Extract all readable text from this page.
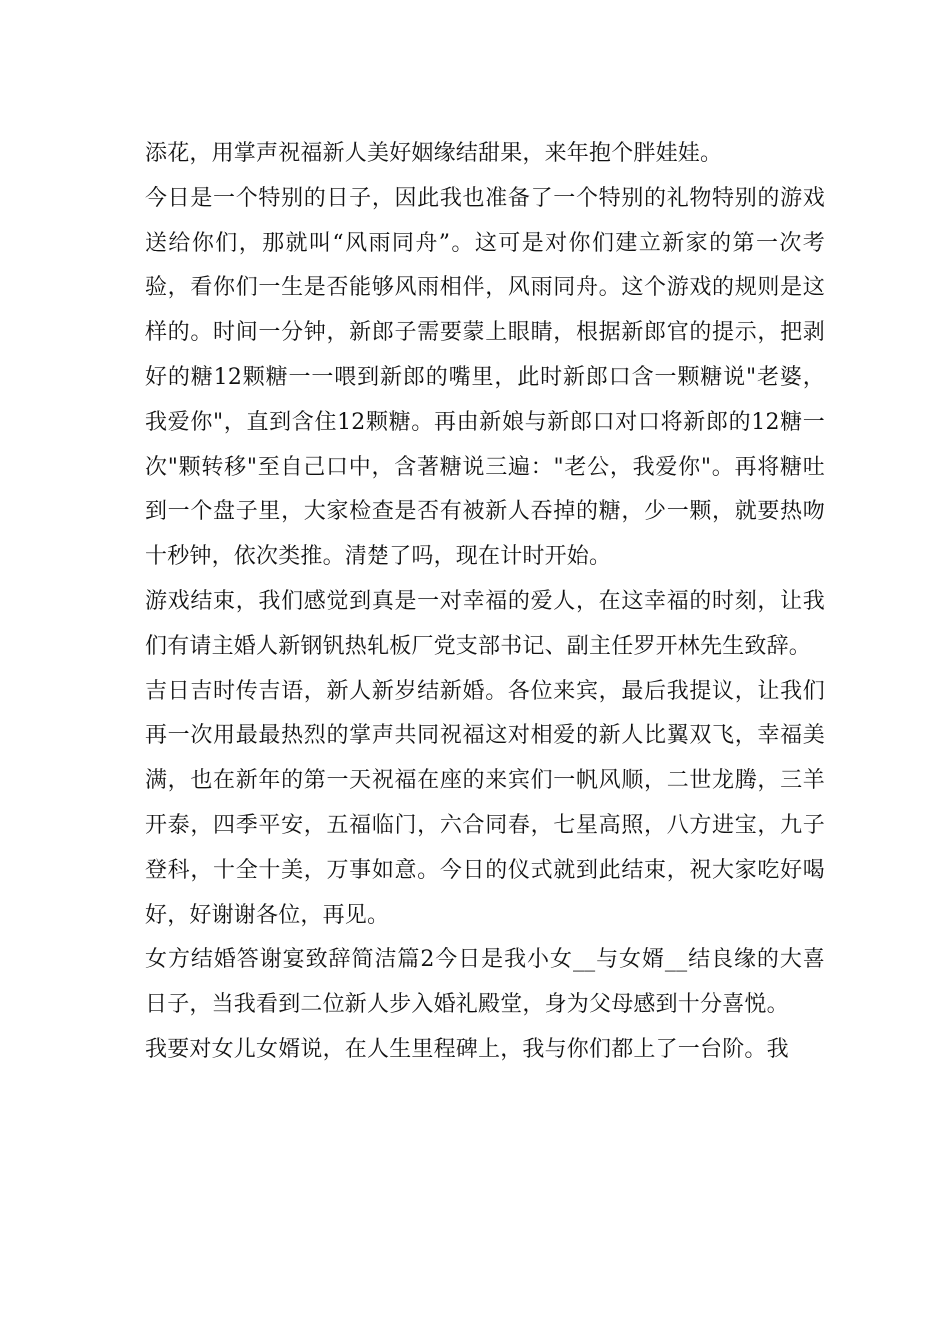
添花，用掌声祝福新人美好姻缘结甜果，来年抱个胖娃娃。

今日是一个特别的日子，因此我也准备了一个特别的礼物特别的游戏送给你们，那就叫“风雨同舟”。这可是对你们建立新家的第一次考验，看你们一生是否能够风雨相伴，风雨同舟。这个游戏的规则是这样的。时间一分钟，新郎子需要蒙上眼睛，根据新郎官的提示，把剥好的糖12颗糖一一喂到新郎的嘴里，此时新郎口含一颗糖说"老婆，我爱你"，直到含住12颗糖。再由新娘与新郎口对口将新郎的12糖一次"颗转移"至自己口中，含著糖说三遍："老公，我爱你"。再将糖吐到一个盘子里，大家检查是否有被新人吞掉的糖，少一颗，就要热吻十秒钟，依次类推。清楚了吗，现在计时开始。

游戏结束，我们感觉到真是一对幸福的爱人，在这幸福的时刻，让我们有请主婚人新钢钒热轧板厂党支部书记、副主任罗开林先生致辞。

吉日吉时传吉语，新人新岁结新婚。各位来宾，最后我提议，让我们再一次用最最热烈的掌声共同祝福这对相爱的新人比翼双飞，幸福美满，也在新年的第一天祝福在座的来宾们一帆风顺，二世龙腾，三羊开泰，四季平安，五福临门，六合同春，七星高照，八方进宝，九子登科，十全十美，万事如意。今日的仪式就到此结束，祝大家吃好喝好，好谢谢各位，再见。

女方结婚答谢宴致辞简洁篇2今日是我小女__与女婿__结良缘的大喜日子，当我看到二位新人步入婚礼殿堂，身为父母感到十分喜悦。

我要对女儿女婿说，在人生里程碑上，我与你们都上了一台阶。我
